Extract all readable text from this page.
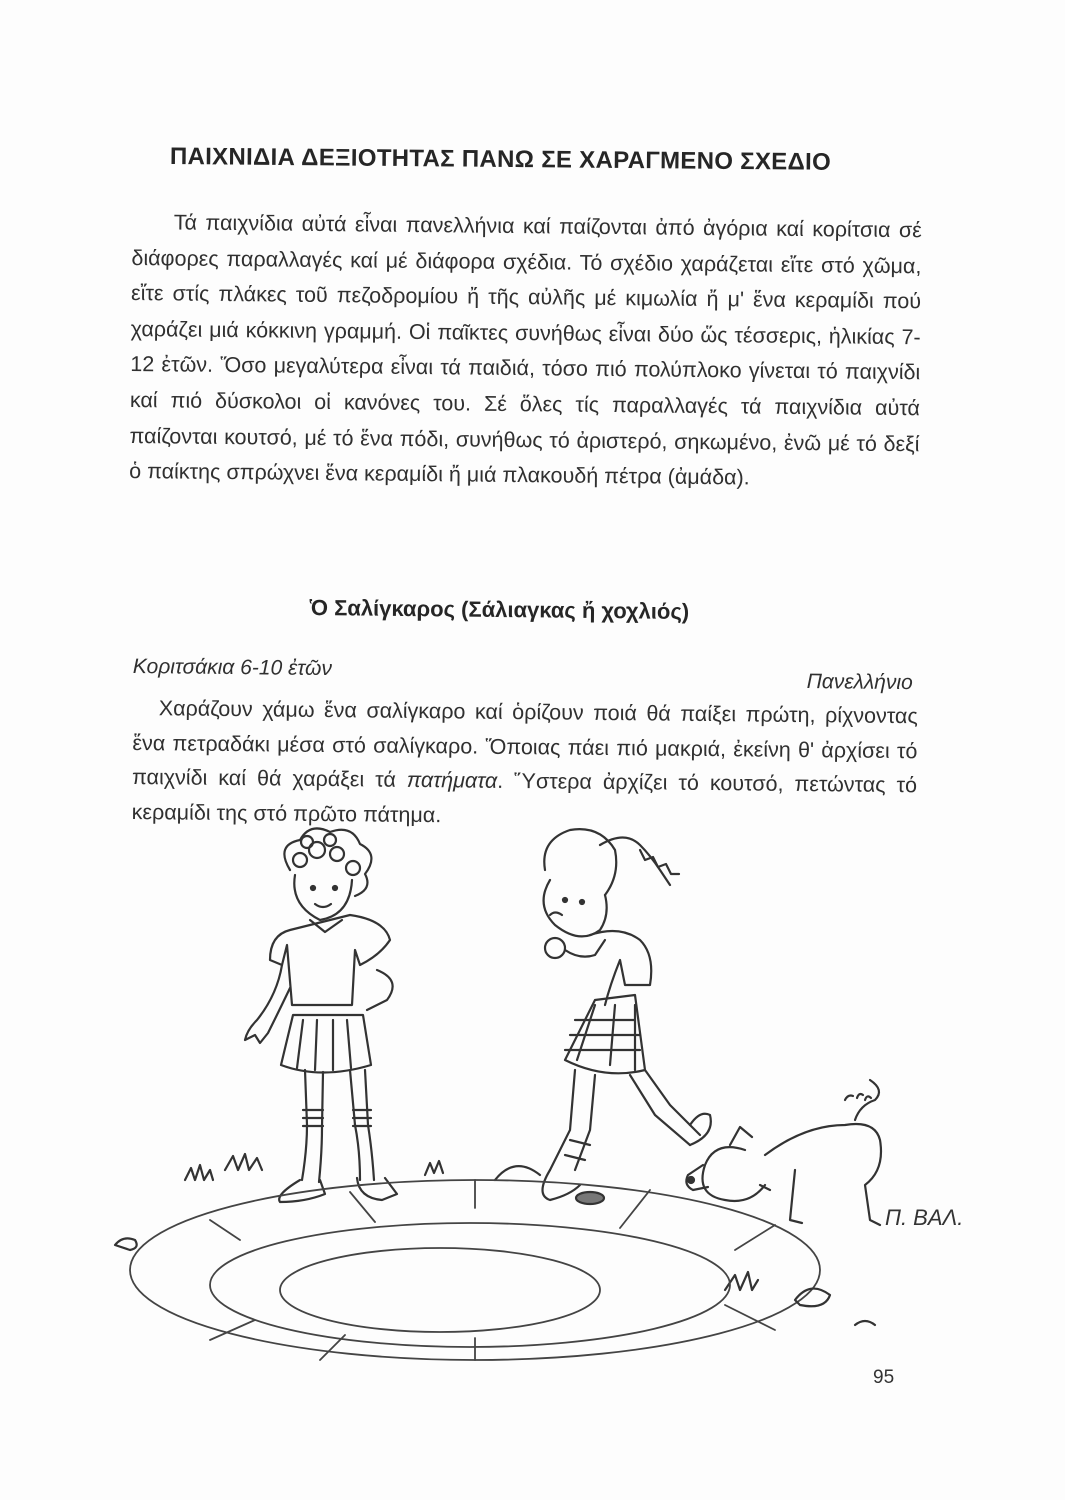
ΠΑΙΧΝΙΔΙΑ ΔΕΞΙΟΤΗΤΑΣ ΠΑΝΩ ΣΕ ΧΑΡΑΓΜΕΝΟ ΣΧΕΔΙΟ
Τά παιχνίδια αὐτά εἶναι πανελλήνια καί παίζονται ἀπό ἀγόρια καί κορίτσια σέ διάφορες παραλλαγές καί μέ διάφορα σχέδια. Τό σχέδιο χαράζεται εἴτε στό χῶμα, εἴτε στίς πλάκες τοῦ πεζοδρομίου ἤ τῆς αὐλῆς μέ κιμωλία ἤ μ' ἕνα κεραμίδι πού χαράζει μιά κόκκινη γραμμή. Οἱ παῖκτες συνήθως εἶναι δύο ὥς τέσσερις, ἡλικίας 7-12 ἐτῶν. Ὅσο μεγαλύτερα εἶναι τά παιδιά, τόσο πιό πολύπλοκο γίνεται τό παιχνίδι καί πιό δύσκολοι οἱ κανόνες του. Σέ ὅλες τίς παραλλαγές τά παιχνίδια αὐτά παίζονται κουτσό, μέ τό ἕνα πόδι, συνήθως τό ἀριστερό, σηκωμένο, ἐνῶ μέ τό δεξί ὁ παίκτης σπρώχνει ἕνα κεραμίδι ἤ μιά πλακουδή πέτρα (ἀμάδα).
Ὁ Σαλίγκαρος (Σάλιαγκας ἤ χοχλιός)
Κοριτσάκια 6-10 ἐτῶν
Πανελλήνιο
Χαράζουν χάμω ἕνα σαλίγκαρο καί ὁρίζουν ποιά θά παίξει πρώτη, ρίχνοντας ἕνα πετραδάκι μέσα στό σαλίγκαρο. Ὅποιας πάει πιό μακριά, ἐκείνη θ' ἀρχίσει τό παιχνίδι καί θά χαράξει τά πατήματα. Ὕστερα ἀρχίζει τό κουτσό, πετώντας τό κεραμίδι της στό πρῶτο πάτημα.
Π. ΒΑΛ.
95
